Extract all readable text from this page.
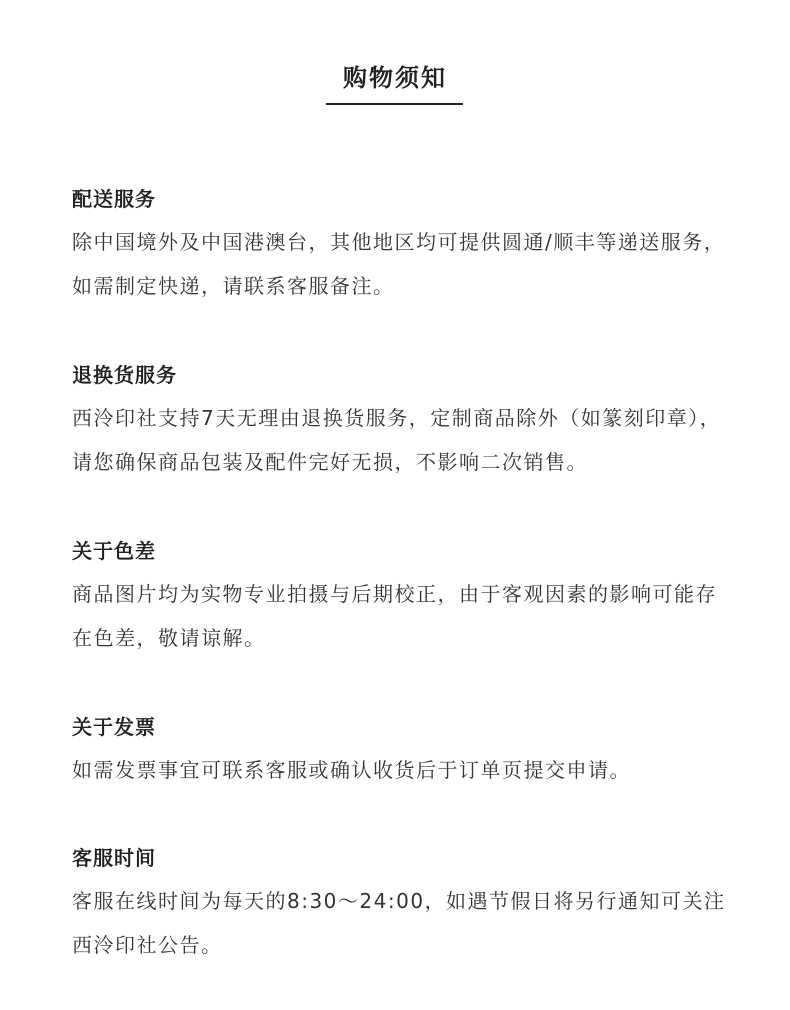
购物须知
配送服务

除中国境外及中国港澳台，其他地区均可提供圆通/顺丰等递送服务，如需制定快递，请联系客服备注。

退换货服务

西泠印社支持7天无理由退换货服务，定制商品除外（如篆刻印章），请您确保商品包装及配件完好无损，不影响二次销售。

关于色差

商品图片均为实物专业拍摄与后期校正，由于客观因素的影响可能存在色差，敬请谅解。

关于发票

如需发票事宜可联系客服或确认收货后于订单页提交申请。

客服时间

客服在线时间为每天的8:30～24:00，如遇节假日将另行通知可关注西泠印社公告。
